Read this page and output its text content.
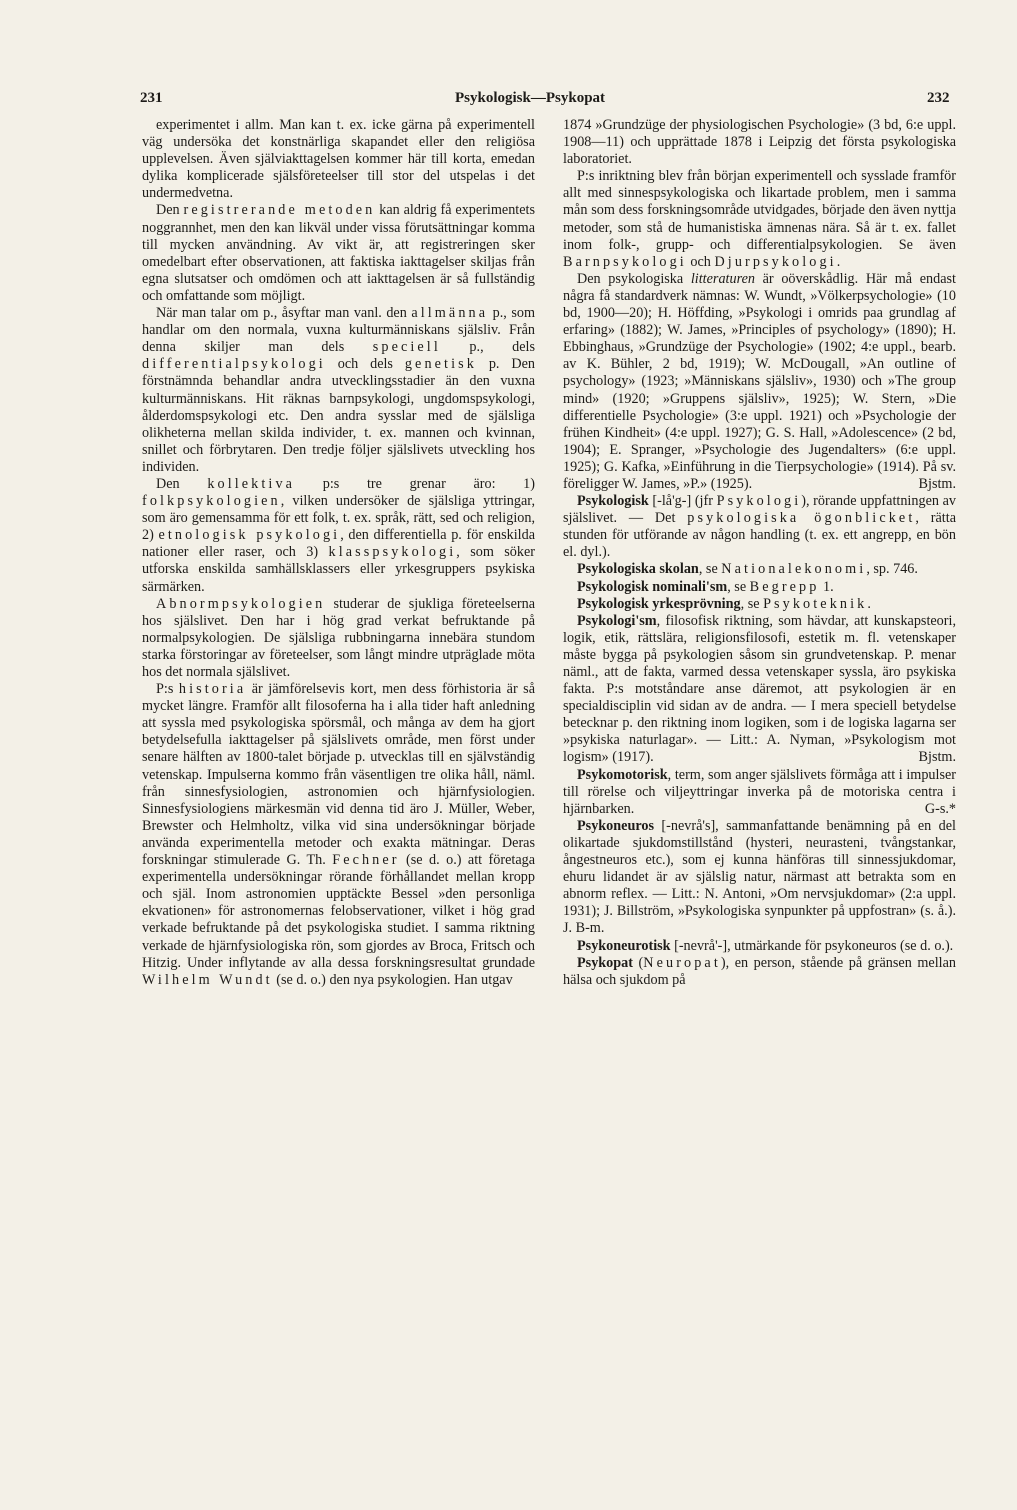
231	Psykologisk—Psykopat	232

experimentet i allm. Man kan t. ex. icke gärna på experimentell väg undersöka det konstnärliga skapandet eller den religiösa upplevelsen. Även själviakttagelsen kommer här till korta, emedan dylika komplicerade själsföreteelser till stor del utspelas i det undermedvetna.

Den registrerande metoden kan aldrig få experimentets noggrannhet, men den kan likväl under vissa förutsättningar komma till mycken användning. Av vikt är, att registreringen sker omedelbart efter observationen, att faktiska iakttagelser skiljas från egna slutsatser och omdömen och att iakttagelsen är så fullständig och omfattande som möjligt.

När man talar om p., åsyftar man vanl. den allmänna p., som handlar om den normala, vuxna kulturmänniskans själsliv. Från denna skiljer man dels speciell p., dels differentialpsykologi och dels genetisk p. Den förstnämnda behandlar andra utvecklingsstadier än den vuxna kulturmänniskans. Hit räknas barnpsykologi, ungdomspsykologi, ålderdomspsykologi etc. Den andra sysslar med de själsliga olikheterna mellan skilda individer, t. ex. mannen och kvinnan, snillet och förbrytaren. Den tredje följer själslivets utveckling hos individen.

Den kollektiva p:s tre grenar äro: 1) folkpsykologien, vilken undersöker de själsliga yttringar, som äro gemensamma för ett folk, t. ex. språk, rätt, sed och religion, 2) etnologisk psykologi, den differentiella p. för enskilda nationer eller raser, och 3) klasspsykologi, som söker utforska enskilda samhällsklassers eller yrkesgruppers psykiska särmärken.

Abnormpsykologien studerar de sjukliga företeelserna hos själslivet. Den har i hög grad verkat befruktande på normalpsykologien. De själsliga rubbningarna innebära stundom starka förstoringar av företeelser, som långt mindre utpräglade möta hos det normala själslivet.

P:s historia är jämförelsevis kort, men dess förhistoria är så mycket längre. Framför allt filosoferna ha i alla tider haft anledning att syssla med psykologiska spörsmål, och många av dem ha gjort betydelsefulla iakttagelser på själslivets område, men först under senare hälften av 1800-talet började p. utvecklas till en självständig vetenskap. Impulserna kommo från väsentligen tre olika håll, näml. från sinnesfysiologien, astronomien och hjärnfysiologien. Sinnesfysiologiens märkesmän vid denna tid äro J. Müller, Weber, Brewster och Helmholtz, vilka vid sina undersökningar började använda experimentella metoder och exakta mätningar. Deras forskningar stimulerade G. Th. Fechner (se d. o.) att företaga experimentella undersökningar rörande förhållandet mellan kropp och själ. Inom astronomien upptäckte Bessel »den personliga ekvationen» för astronomernas felobservationer, vilket i hög grad verkade befruktande på det psykologiska studiet. I samma riktning verkade de hjärnfysiologiska rön, som gjordes av Broca, Fritsch och Hitzig. Under inflytande av alla dessa forskningsresultat grundade Wilhelm Wundt (se d. o.) den nya psykologien. Han utgav

1874 »Grundzüge der physiologischen Psychologie» (3 bd, 6:e uppl. 1908—11) och upprättade 1878 i Leipzig det första psykologiska laboratoriet.

P:s inriktning blev från början experimentell och sysslade framför allt med sinnespsykologiska och likartade problem, men i samma mån som dess forskningsområde utvidgades, började den även nyttja metoder, som stå de humanistiska ämnenas nära. Så är t. ex. fallet inom folk-, grupp- och differentialpsykologien. Se även Barnpsykologi och Djurpsykologi.

Den psykologiska litteraturen är oöverskådlig. Här må endast några få standardverk nämnas: W. Wundt, »Völkerpsychologie» (10 bd, 1900—20); H. Höffding, »Psykologi i omrids paa grundlag af erfaring» (1882); W. James, »Principles of psychology» (1890); H. Ebbinghaus, »Grundzüge der Psychologie» (1902; 4:e uppl., bearb. av K. Bühler, 2 bd, 1919); W. McDougall, »An outline of psychology» (1923; »Människans själsliv», 1930) och »The group mind» (1920; »Gruppens själsliv», 1925); W. Stern, »Die differentielle Psychologie» (3:e uppl. 1921) och »Psychologie der frühen Kindheit» (4:e uppl. 1927); G. S. Hall, »Adolescence» (2 bd, 1904); E. Spranger, »Psychologie des Jugendalters» (6:e uppl. 1925); G. Kafka, »Einführung in die Tierpsychologie» (1914). På sv. föreligger W. James, »P.» (1925).	Bjstm.

Psykologisk [-lå'g-] (jfr Psykologi), rörande uppfattningen av själslivet. — Det psykologiska ögonblicket, rätta stunden för utförande av någon handling (t. ex. ett angrepp, en bön el. dyl.).

Psykologiska skolan, se Nationalekonomi, sp. 746.

Psykologisk nominali'sm, se Begrepp 1.

Psykologisk yrkesprövning, se Psykoteknik.

Psykologi'sm, filosofisk riktning, som hävdar, att kunskapsteori, logik, etik, rättslära, religionsfilosofi, estetik m. fl. vetenskaper måste bygga på psykologien såsom sin grundvetenskap. P. menar näml., att de fakta, varmed dessa vetenskaper syssla, äro psykiska fakta. P:s motståndare anse däremot, att psykologien är en specialdisciplin vid sidan av de andra. — I mera speciell betydelse betecknar p. den riktning inom logiken, som i de logiska lagarna ser »psykiska naturlagar». — Litt.: A. Nyman, »Psykologism mot logism» (1917).	Bjstm.

Psykomotorisk, term, som anger själslivets förmåga att i impulser till rörelse och viljeyttringar inverka på de motoriska centra i hjärnbarken.	G-s.*

Psykoneuros [-nevrå's], sammanfattande benämning på en del olikartade sjukdomstillstånd (hysteri, neurasteni, tvångstankar, ångestneuros etc.), som ej kunna hänföras till sinnessjukdomar, ehuru lidandet är av själslig natur, närmast att betrakta som en abnorm reflex. — Litt.: N. Antoni, »Om nervsjukdomar» (2:a uppl. 1931); J. Billström, »Psykologiska synpunkter på uppfostran» (s. å.). J. B-m.

Psykoneurotisk [-nevrå'-], utmärkande för psykoneuros (se d. o.).

Psykopat (Neuropat), en person, stående på gränsen mellan hälsa och sjukdom på
